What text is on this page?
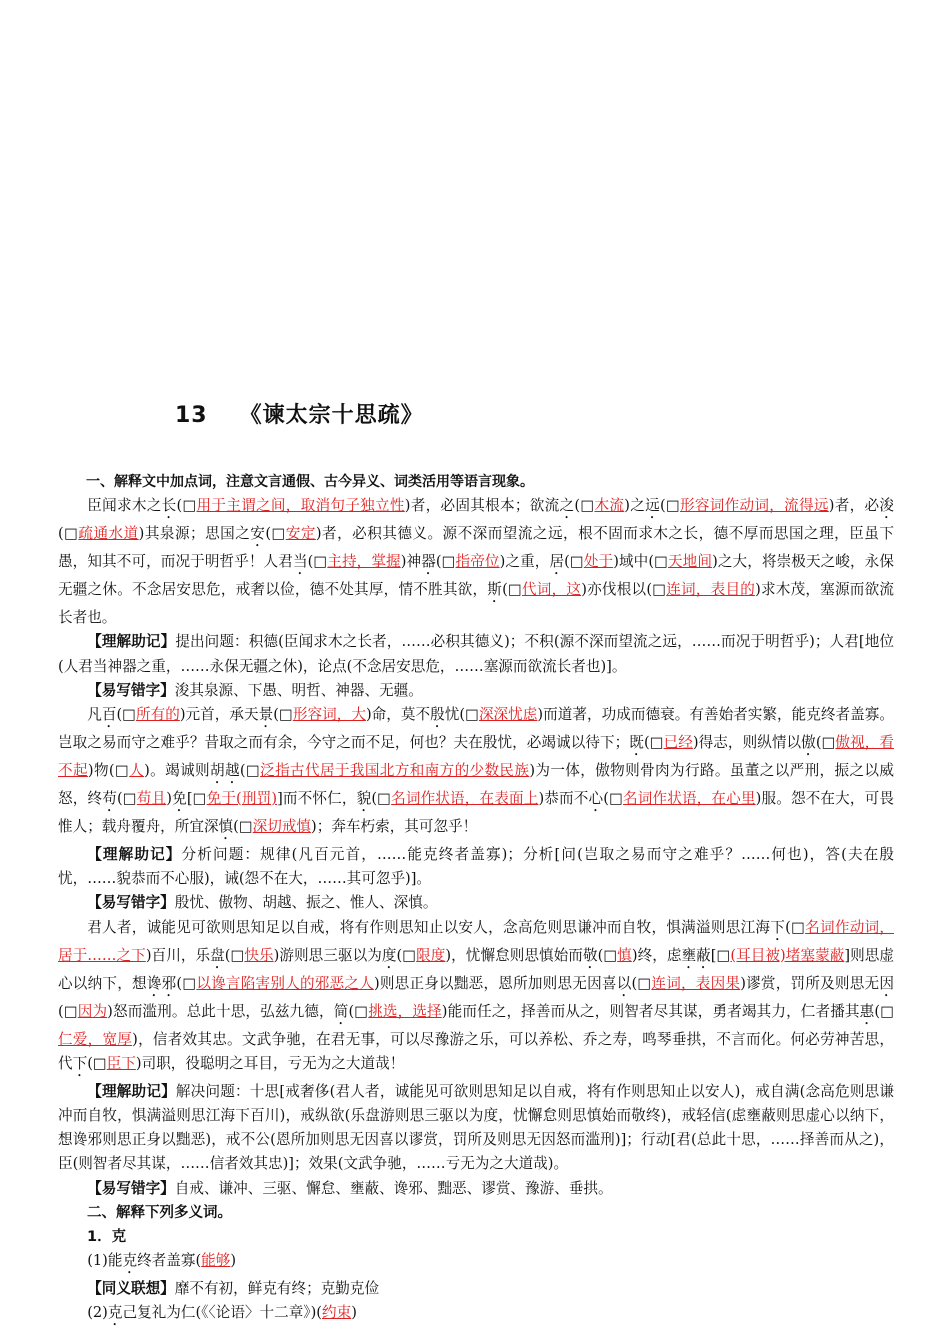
13 《谏太宗十思疏》

一、解释文中加点词，注意文言通假、古今异义、词类活用等语言现象。

臣闻求木之长(□用于主谓之间，取消句子独立性)者，必固其根本；欲流之(□木流)之远(□形容词作动词，流得远)者，必浚(□疏通水道)其泉源；思国之安(□安定)者，必积其德义。源不深而望流之远，根不固而求木之长，德不厚而思国之理，臣虽下愚，知其不可，而况于明哲乎！人君当(□主持，掌握)神器(□指帝位)之重，居(□处于)域中(□天地间)之大，将崇极天之峻，永保无疆之休。不念居安思危，戒奢以俭，德不处其厚，情不胜其欲，斯(□代词，这)亦伐根以(□连词，表目的)求木茂，塞源而欲流长者也。

【理解助记】提出问题：积德(臣闻求木之长者，……必积其德义)；不积(源不深而望流之远，……而况于明哲乎)；人君[地位(人君当神器之重，……永保无疆之休)，论点(不念居安思危，……塞源而欲流长者也)]。

【易写错字】浚其泉源、下愚、明哲、神器、无疆。

凡百(□所有的)元首，承天景(□形容词，大)命，莫不殷忧(□深深忧虑)而道著，功成而德衰。有善始者实繁，能克终者盖寡。岂取之易而守之难乎？昔取之而有余，今守之而不足，何也？夫在殷忧，必竭诚以待下；既(□已经)得志，则纵情以傲(□傲视，看不起)物(□人)。竭诚则胡越(□泛指古代居于我国北方和南方的少数民族)为一体，傲物则骨肉为行路。虽董之以严刑，振之以威怒，终苟(□苟且)免[□免于(刑罚)]而不怀仁，貌(□名词作状语，在表面上)恭而不心(□名词作状语，在心里)服。怨不在大，可畏惟人；载舟覆舟，所宜深慎(□深切戒慎)；奔车朽索，其可忽乎！

【理解助记】分析问题：规律(凡百元首，……能克终者盖寡)；分析[问(岂取之易而守之难乎？……何也)，答(夫在殷忧，……貌恭而不心服)，诫(怨不在大，……其可忽乎)]。

【易写错字】殷忧、傲物、胡越、振之、惟人、深慎。

君人者，诚能见可欲则思知足以自戒，将有作则思知止以安人，念高危则思谦冲而自牧，惧满溢则思江海下(□名词作动词，居于……之下)百川，乐盘(□快乐)游则思三驱以为度(□限度)，忧懈怠则思慎始而敬(□慎)终，虑壅蔽[□(耳目被)堵塞蒙蔽]则思虚心以纳下，想谗邪(□以谗言陷害别人的邪恶之人)则思正身以黜恶，恩所加则思无因喜以(□连词，表因果)谬赏，罚所及则思无因(□因为)怒而滥刑。总此十思，弘兹九德，简(□挑选，选择)能而任之，择善而从之，则智者尽其谋，勇者竭其力，仁者播其惠(□仁爱，宽厚)，信者效其忠。文武争驰，在君无事，可以尽豫游之乐，可以养松、乔之寿，鸣琴垂拱，不言而化。何必劳神苦思，代下(□臣下)司职，役聪明之耳目，亏无为之大道哉！

【理解助记】解决问题：十思[戒奢侈(君人者，诚能见可欲则思知足以自戒，将有作则思知止以安人)，戒自满(念高危则思谦冲而自牧，惧满溢则思江海下百川)，戒纵欲(乐盘游则思三驱以为度，忧懈怠则思慎始而敬终)，戒轻信(虑壅蔽则思虚心以纳下，想谗邪则思正身以黜恶)，戒不公(恩所加则思无因喜以谬赏，罚所及则思无因怒而滥刑)]；行动[君(总此十思，……择善而从之)，臣(则智者尽其谋，……信者效其忠)]；效果(文武争驰，……亏无为之大道哉)。

【易写错字】自戒、谦冲、三驱、懈怠、壅蔽、谗邪、黜恶、谬赏、豫游、垂拱。

二、解释下列多义词。

1．克

(1)能克终者盖寡(能够)

【同义联想】靡不有初，鲜克有终；克勤克俭

(2)克己复礼为仁(《〈论语〉十二章》)(约束)
